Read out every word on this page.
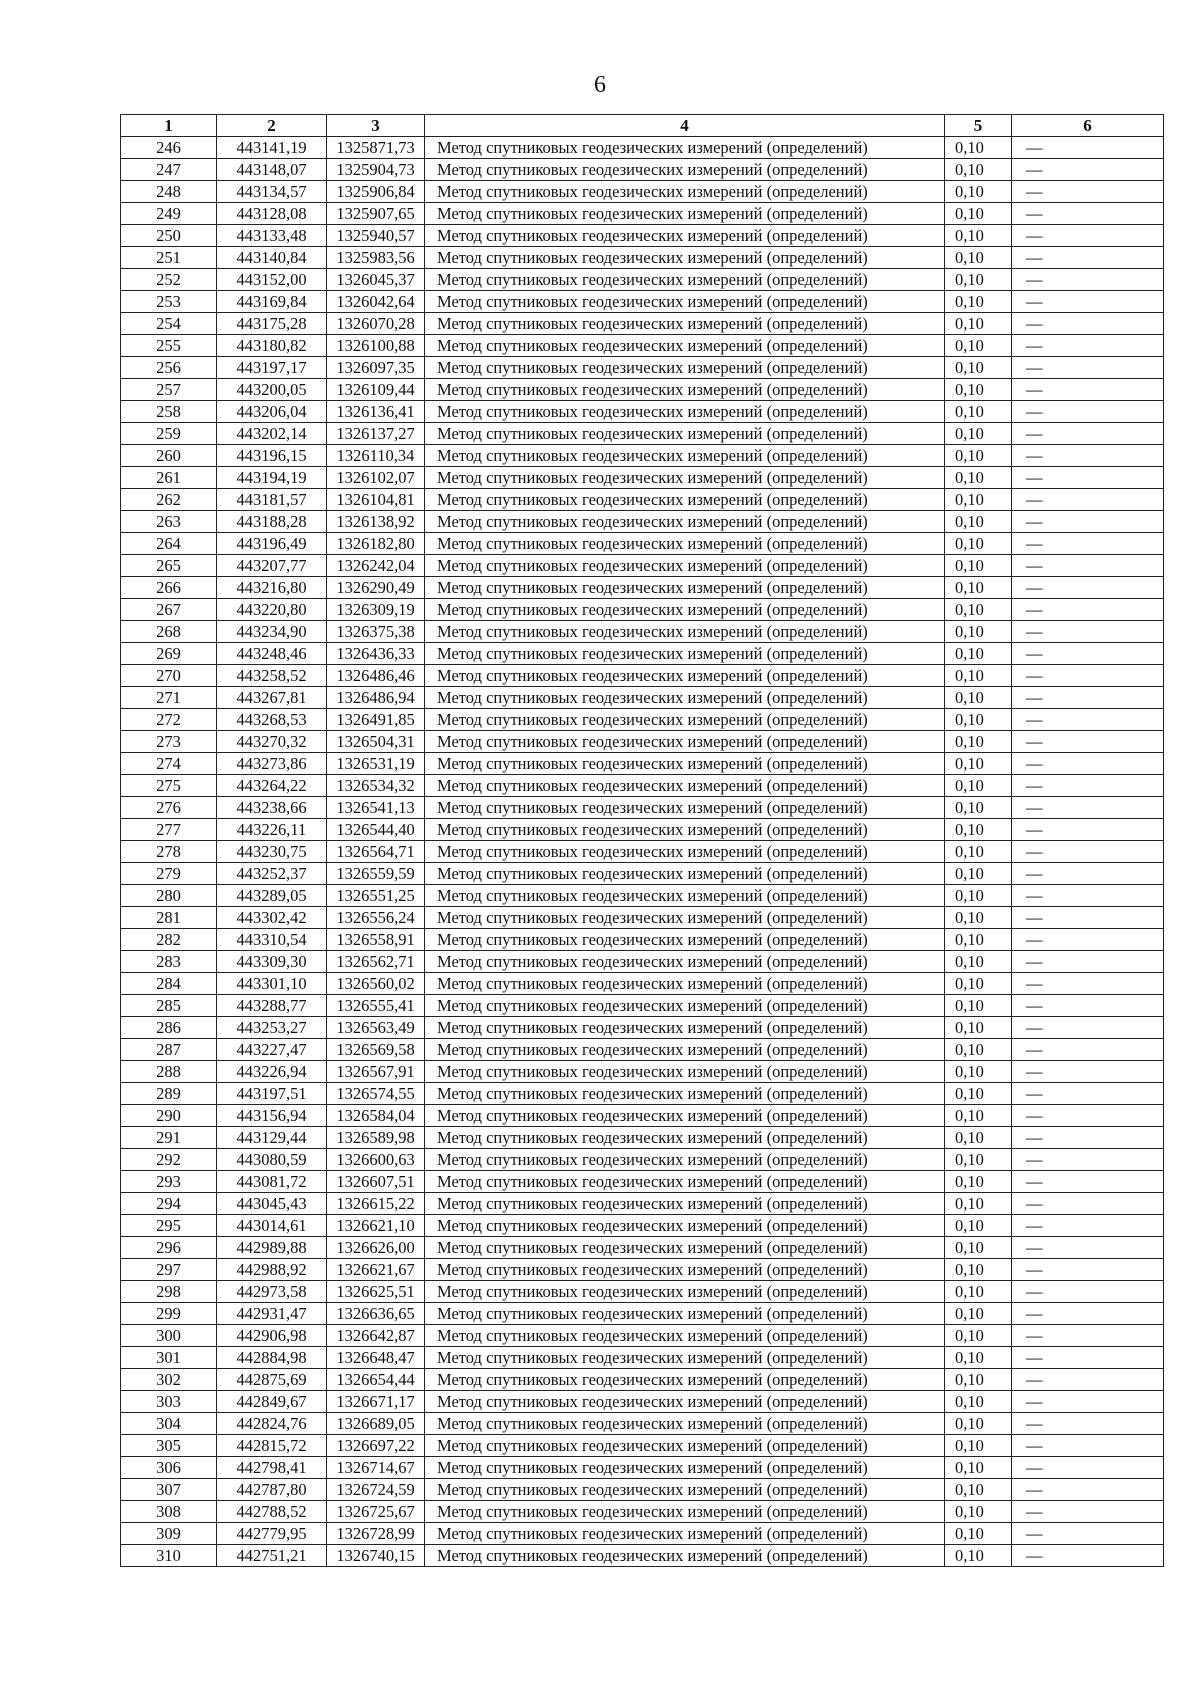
6
1	2	3	4	5	6
246	443141,19	1325871,73	Метод спутниковых геодезических измерений (определений)	0,10	—
247	443148,07	1325904,73	Метод спутниковых геодезических измерений (определений)	0,10	—
248	443134,57	1325906,84	Метод спутниковых геодезических измерений (определений)	0,10	—
249	443128,08	1325907,65	Метод спутниковых геодезических измерений (определений)	0,10	—
250	443133,48	1325940,57	Метод спутниковых геодезических измерений (определений)	0,10	—
251	443140,84	1325983,56	Метод спутниковых геодезических измерений (определений)	0,10	—
252	443152,00	1326045,37	Метод спутниковых геодезических измерений (определений)	0,10	—
253	443169,84	1326042,64	Метод спутниковых геодезических измерений (определений)	0,10	—
254	443175,28	1326070,28	Метод спутниковых геодезических измерений (определений)	0,10	—
255	443180,82	1326100,88	Метод спутниковых геодезических измерений (определений)	0,10	—
256	443197,17	1326097,35	Метод спутниковых геодезических измерений (определений)	0,10	—
257	443200,05	1326109,44	Метод спутниковых геодезических измерений (определений)	0,10	—
258	443206,04	1326136,41	Метод спутниковых геодезических измерений (определений)	0,10	—
259	443202,14	1326137,27	Метод спутниковых геодезических измерений (определений)	0,10	—
260	443196,15	1326110,34	Метод спутниковых геодезических измерений (определений)	0,10	—
261	443194,19	1326102,07	Метод спутниковых геодезических измерений (определений)	0,10	—
262	443181,57	1326104,81	Метод спутниковых геодезических измерений (определений)	0,10	—
263	443188,28	1326138,92	Метод спутниковых геодезических измерений (определений)	0,10	—
264	443196,49	1326182,80	Метод спутниковых геодезических измерений (определений)	0,10	—
265	443207,77	1326242,04	Метод спутниковых геодезических измерений (определений)	0,10	—
266	443216,80	1326290,49	Метод спутниковых геодезических измерений (определений)	0,10	—
267	443220,80	1326309,19	Метод спутниковых геодезических измерений (определений)	0,10	—
268	443234,90	1326375,38	Метод спутниковых геодезических измерений (определений)	0,10	—
269	443248,46	1326436,33	Метод спутниковых геодезических измерений (определений)	0,10	—
270	443258,52	1326486,46	Метод спутниковых геодезических измерений (определений)	0,10	—
271	443267,81	1326486,94	Метод спутниковых геодезических измерений (определений)	0,10	—
272	443268,53	1326491,85	Метод спутниковых геодезических измерений (определений)	0,10	—
273	443270,32	1326504,31	Метод спутниковых геодезических измерений (определений)	0,10	—
274	443273,86	1326531,19	Метод спутниковых геодезических измерений (определений)	0,10	—
275	443264,22	1326534,32	Метод спутниковых геодезических измерений (определений)	0,10	—
276	443238,66	1326541,13	Метод спутниковых геодезических измерений (определений)	0,10	—
277	443226,11	1326544,40	Метод спутниковых геодезических измерений (определений)	0,10	—
278	443230,75	1326564,71	Метод спутниковых геодезических измерений (определений)	0,10	—
279	443252,37	1326559,59	Метод спутниковых геодезических измерений (определений)	0,10	—
280	443289,05	1326551,25	Метод спутниковых геодезических измерений (определений)	0,10	—
281	443302,42	1326556,24	Метод спутниковых геодезических измерений (определений)	0,10	—
282	443310,54	1326558,91	Метод спутниковых геодезических измерений (определений)	0,10	—
283	443309,30	1326562,71	Метод спутниковых геодезических измерений (определений)	0,10	—
284	443301,10	1326560,02	Метод спутниковых геодезических измерений (определений)	0,10	—
285	443288,77	1326555,41	Метод спутниковых геодезических измерений (определений)	0,10	—
286	443253,27	1326563,49	Метод спутниковых геодезических измерений (определений)	0,10	—
287	443227,47	1326569,58	Метод спутниковых геодезических измерений (определений)	0,10	—
288	443226,94	1326567,91	Метод спутниковых геодезических измерений (определений)	0,10	—
289	443197,51	1326574,55	Метод спутниковых геодезических измерений (определений)	0,10	—
290	443156,94	1326584,04	Метод спутниковых геодезических измерений (определений)	0,10	—
291	443129,44	1326589,98	Метод спутниковых геодезических измерений (определений)	0,10	—
292	443080,59	1326600,63	Метод спутниковых геодезических измерений (определений)	0,10	—
293	443081,72	1326607,51	Метод спутниковых геодезических измерений (определений)	0,10	—
294	443045,43	1326615,22	Метод спутниковых геодезических измерений (определений)	0,10	—
295	443014,61	1326621,10	Метод спутниковых геодезических измерений (определений)	0,10	—
296	442989,88	1326626,00	Метод спутниковых геодезических измерений (определений)	0,10	—
297	442988,92	1326621,67	Метод спутниковых геодезических измерений (определений)	0,10	—
298	442973,58	1326625,51	Метод спутниковых геодезических измерений (определений)	0,10	—
299	442931,47	1326636,65	Метод спутниковых геодезических измерений (определений)	0,10	—
300	442906,98	1326642,87	Метод спутниковых геодезических измерений (определений)	0,10	—
301	442884,98	1326648,47	Метод спутниковых геодезических измерений (определений)	0,10	—
302	442875,69	1326654,44	Метод спутниковых геодезических измерений (определений)	0,10	—
303	442849,67	1326671,17	Метод спутниковых геодезических измерений (определений)	0,10	—
304	442824,76	1326689,05	Метод спутниковых геодезических измерений (определений)	0,10	—
305	442815,72	1326697,22	Метод спутниковых геодезических измерений (определений)	0,10	—
306	442798,41	1326714,67	Метод спутниковых геодезических измерений (определений)	0,10	—
307	442787,80	1326724,59	Метод спутниковых геодезических измерений (определений)	0,10	—
308	442788,52	1326725,67	Метод спутниковых геодезических измерений (определений)	0,10	—
309	442779,95	1326728,99	Метод спутниковых геодезических измерений (определений)	0,10	—
310	442751,21	1326740,15	Метод спутниковых геодезических измерений (определений)	0,10	—
